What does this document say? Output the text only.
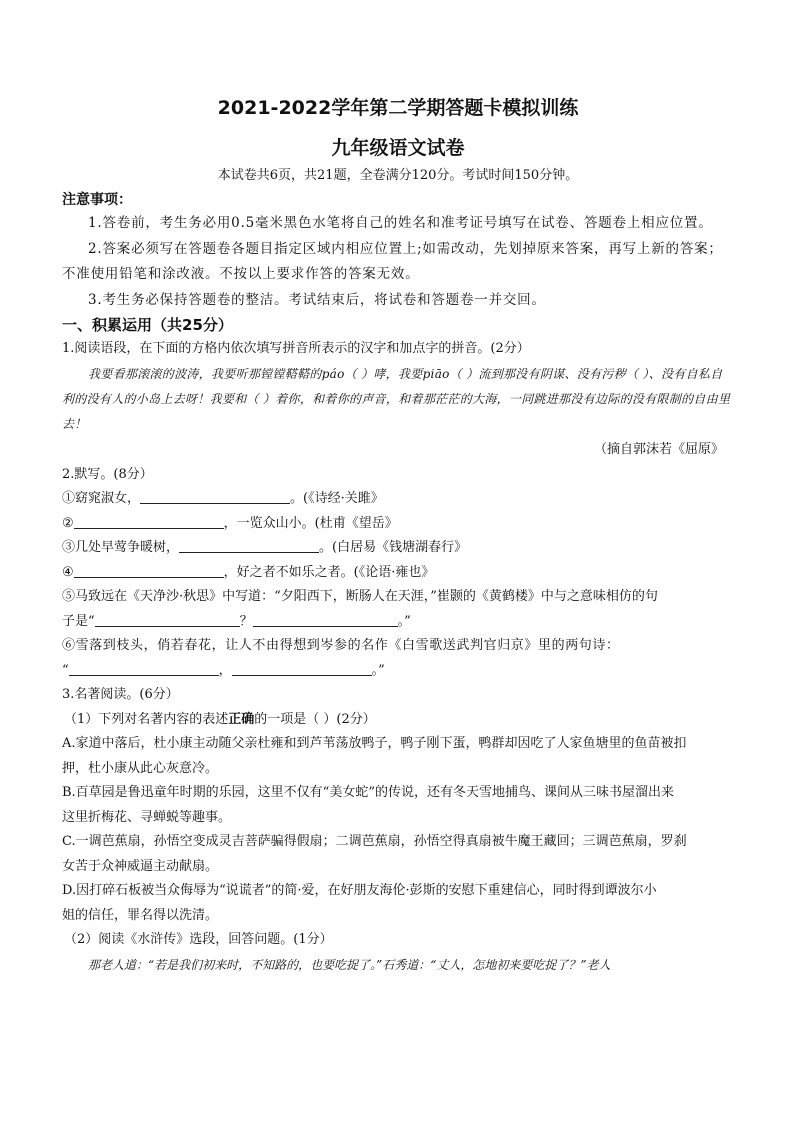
2021-2022学年第二学期答题卡模拟训练
九年级语文试卷
本试卷共6页，共21题，全卷满分120分。考试时间150分钟。
注意事项：
1.答卷前，考生务必用0.5毫米黑色水笔将自己的姓名和准考证号填写在试卷、答题卷上相应位置。
2.答案必须写在答题卷各题目指定区域内相应位置上;如需改动，先划掉原来答案，再写上新的答案；不准使用铅笔和涂改液。不按以上要求作答的答案无效。
3.考生务必保持答题卷的整洁。考试结束后，将试卷和答题卷一并交回。
一、积累运用（共25分）
1.阅读语段，在下面的方格内依次填写拼音所表示的汉字和加点字的拼音。(2分）
我要看那滚滚的波涛，我要听那镗镗鞳鞳的páo（ ）哮，我要piāo（ ）流到那没有阴谋、没有污秽（ ）、没有自私自利的没有人的小岛上去呀！我要和（ ）着你，和着你的声音，和着那茫茫的大海，一同跳进那没有边际的没有限制的自由里去！
（摘自郭沫若《屈原》
2.默写。(8分）
①窈窕淑女，	。(《诗经·关雎》
②	，一览众山小。(杜甫《望岳》
③几处早莺争暖树，	。(白居易《钱塘湖春行》
④	，好之者不如乐之者。(《论语·雍也》
⑤马致远在《天净沙·秋思》中写道：“夕阳西下，断肠人在天涯，”崔颢的《黄鹤楼》中与之意味相仿的句
子是“	？	。”
⑥雪落到枝头，俏若春花，让人不由得想到岑参的名作《白雪歌送武判官归京》里的两句诗：
“	，	。”
3.名著阅读。(6分）
（1）下列对名著内容的表述正确的一项是（ ）(2分）
A.家道中落后，杜小康主动随父亲杜雍和到芦苇荡放鸭子，鸭子刚下蛋，鸭群却因吃了人家鱼塘里的鱼苗被扣
押，杜小康从此心灰意冷。
B.百草园是鲁迅童年时期的乐园，这里不仅有“美女蛇”的传说，还有冬天雪地捕鸟、课间从三味书屋溜出来
这里折梅花、寻蝉蜕等趣事。
C.一调芭蕉扇，孙悟空变成灵吉菩萨骗得假扇；二调芭蕉扇，孙悟空得真扇被牛魔王藏回；三调芭蕉扇，罗刹
女苦于众神威逼主动献扇。
D.因打碎石板被当众侮辱为“说谎者”的简·爱，在好朋友海伦·彭斯的安慰下重建信心，同时得到谭波尔小
姐的信任，罪名得以洗清。
（2）阅读《水浒传》选段，回答问题。(1分）
那老人道：“若是我们初来时，不知路的，也要吃捉了。”石秀道：“丈人，怎地初来要吃捉了？”老人
